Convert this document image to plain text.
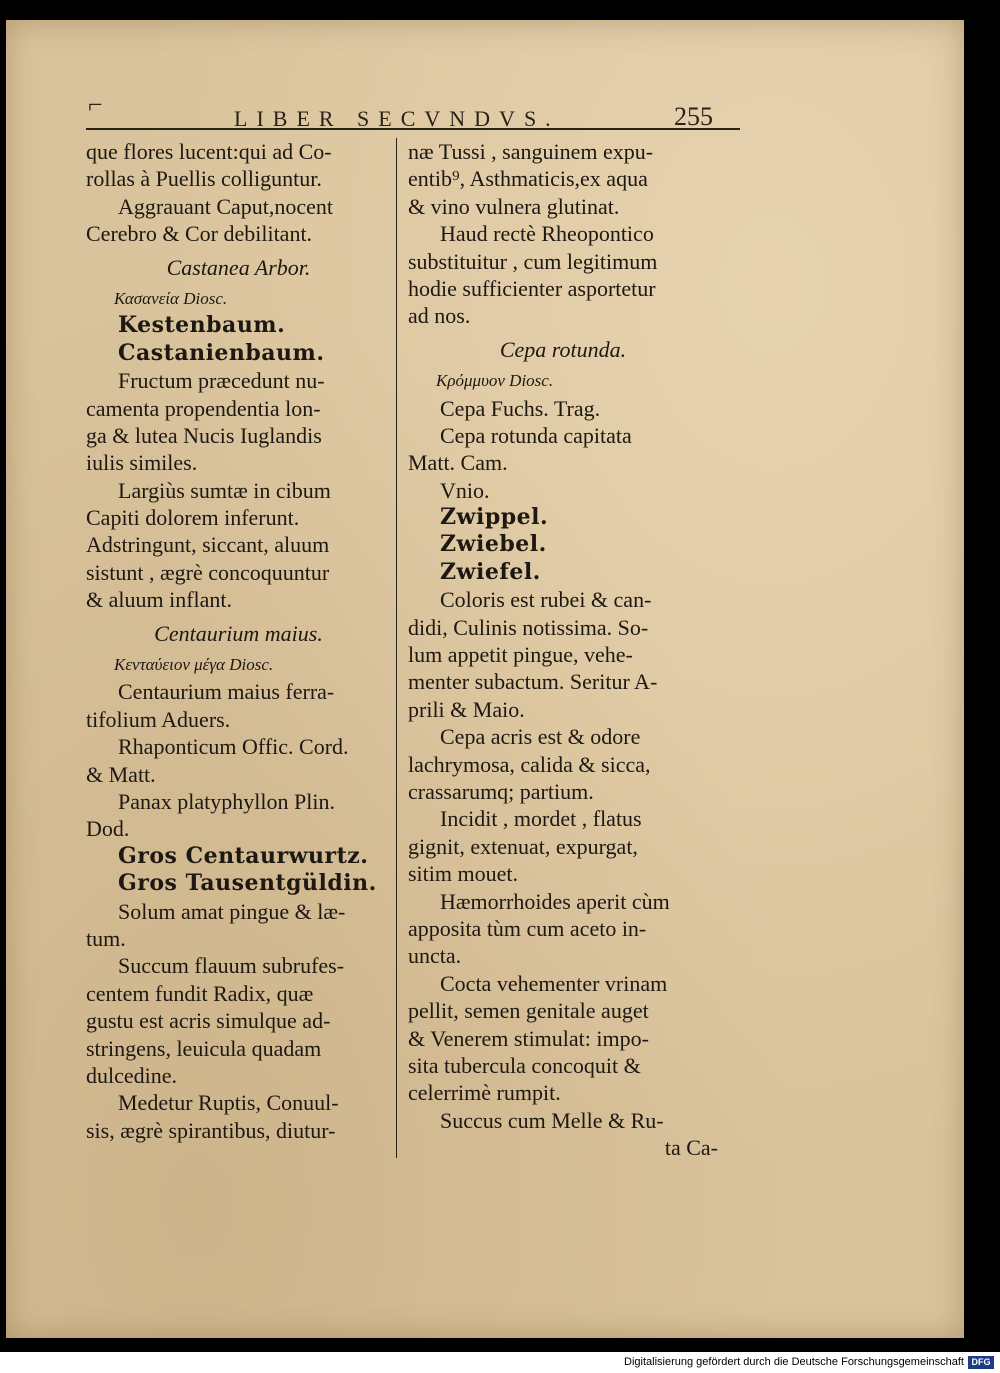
⌐	LIBER SECVNDVS.	255
que flores lucent:qui ad Co-
rollas à Puellis colliguntur.
Aggrauant Caput,nocent
Cerebro & Cor debilitant.
Castanea Arbor.
Κασανεία Diosc.
Kestenbaum.
Castanienbaum.
Fructum præcedunt nu-
camenta propendentia lon-
ga & lutea Nucis Iuglandis
iulis similes.
Largiùs sumtæ in cibum
Capiti dolorem inferunt.
Adstringunt, siccant, aluum
sistunt , ægrè concoquuntur
& aluum inflant.
Centaurium maius.
Κενταύειον μέγα Diosc.
Centaurium maius ferra-
tifolium Aduers.
Rhaponticum Offic. Cord.
& Matt.
Panax platyphyllon Plin.
Dod.
Gros Centaurwurtz.
Gros Tausentgüldin.
Solum amat pingue & læ-
tum.
Succum flauum subrufes-
centem fundit Radix, quæ
gustu est acris simulque ad-
stringens, leuicula quadam
dulcedine.
Medetur Ruptis, Conuul-
sis, ægrè spirantibus, diutur-
næ Tussi , sanguinem expu-
entib⁹, Asthmaticis,ex aqua
& vino vulnera glutinat.
Haud rectè Rheopontico
substituitur , cum legitimum
hodie sufficienter asportetur
ad nos.
Cepa rotunda.
Κρόμμυον Diosc.
Cepa Fuchs. Trag.
Cepa rotunda capitata
Matt. Cam.
Vnio.
Zwippel.
Zwiebel.
Zwiefel.
Coloris est rubei & can-
didi, Culinis notissima. So-
lum appetit pingue, vehe-
menter subactum. Seritur A-
prili & Maio.
Cepa acris est & odore
lachrymosa, calida & sicca,
crassarumq; partium.
Incidit , mordet , flatus
gignit, extenuat, expurgat,
sitim mouet.
Hæmorrhoides aperit cùm
apposita tùm cum aceto in-
uncta.
Cocta vehementer vrinam
pellit, semen genitale auget
& Venerem stimulat: impo-
sita tubercula concoquit &
celerrimè rumpit.
Succus cum Melle & Ru-
ta Ca-
Digitalisierung gefördert durch die Deutsche Forschungsgemeinschaft DFG
